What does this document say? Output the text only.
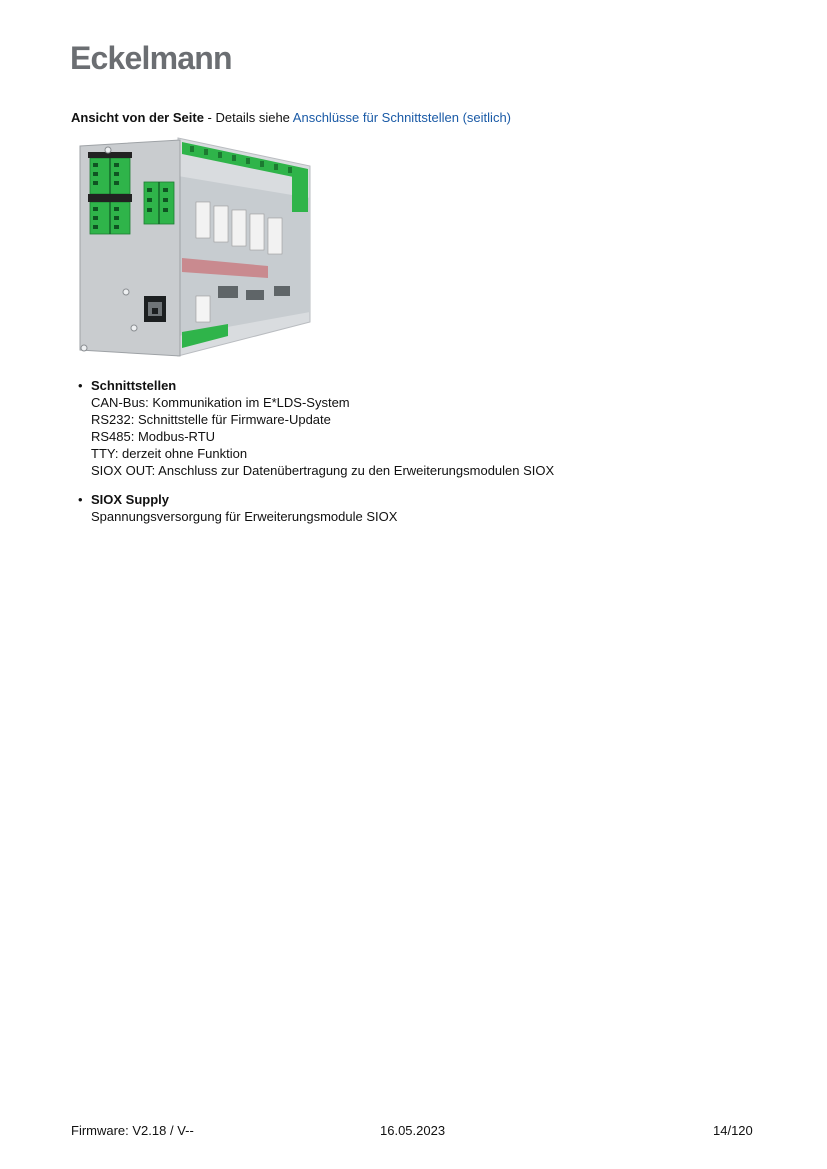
Eckelmann
Ansicht von der Seite - Details siehe Anschlüsse für Schnittstellen (seitlich)
• Schnittstellen
CAN-Bus: Kommunikation im E*LDS-System
RS232: Schnittstelle für Firmware-Update
RS485: Modbus-RTU
TTY: derzeit ohne Funktion
SIOX OUT: Anschluss zur Datenübertragung zu den Erweiterungsmodulen SIOX
• SIOX Supply
Spannungsversorgung für Erweiterungsmodule SIOX
Firmware: V2.18 / V--	16.05.2023	14/120
